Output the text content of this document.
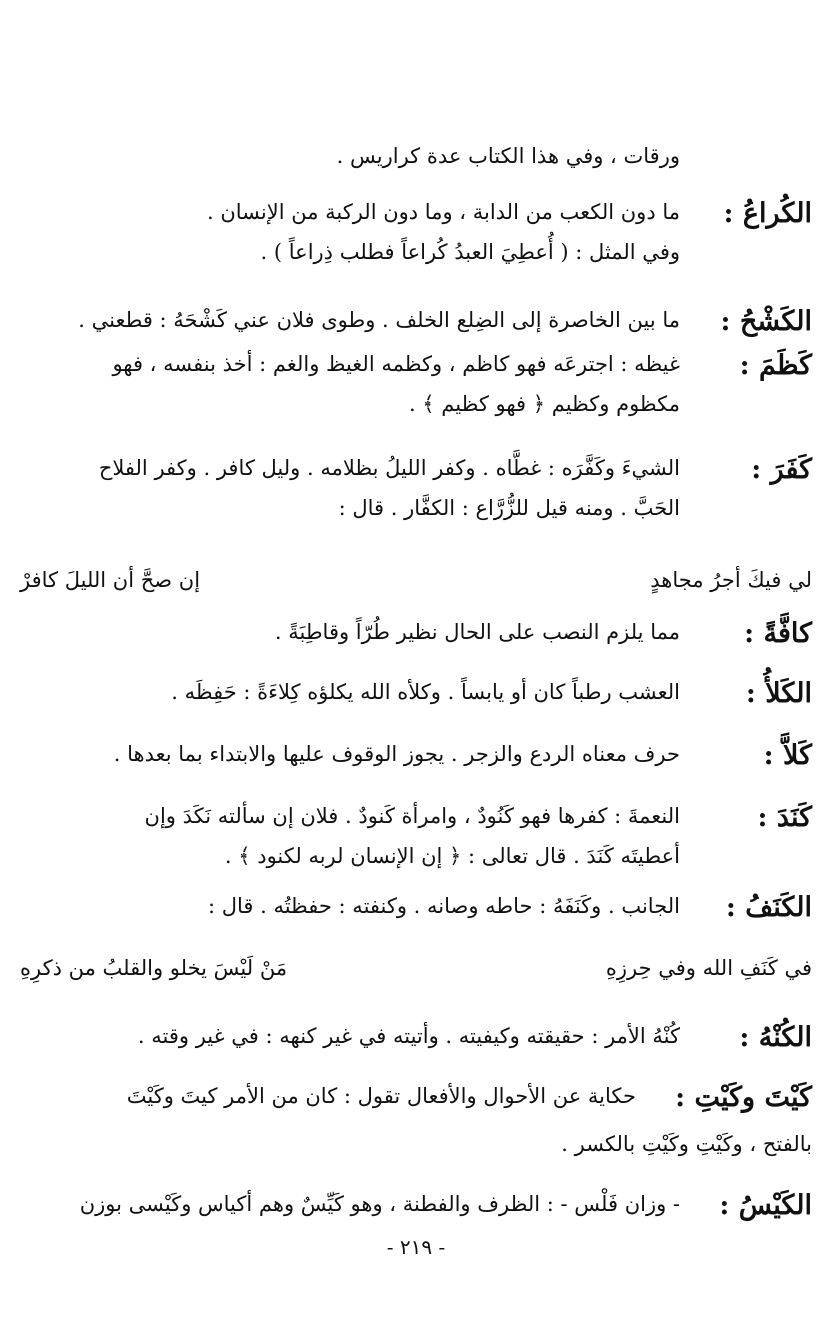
ورقات ، وفي هذا الكتاب عدة كراريس .
الكُراعُ :
ما دون الكعب من الدابة ، وما دون الركبة من الإنسان .
وفي المثل : ( أُعطِيَ العبدُ كُراعاً فطلب ذِراعاً ) .
الكَشْحُ :
ما بين الخاصرة إلى الضِلع الخلف . وطوى فلان عني كَشْحَهُ : قطعني .
كَظَمَ :
غيظه : اجترعَه فهو كاظم ، وكظمه الغيظ والغم : أخذ بنفسه ، فهو
مكظوم وكظيم ﴿ فهو كظيم ﴾ .
كَفَرَ :
الشيءَ وكَفَّرَه : غطَّاه . وكفر الليلُ بظلامه . وليل كافر . وكفر الفلاح
الحَبَّ . ومنه قيل للزُّرَّاع : الكفَّار . قال :
لي فيكَ أجرُ مجاهدٍ
إن صحَّ أن الليلَ كافرْ
كافَّةً :
مما يلزم النصب على الحال نظير طُرّاً وقاطِبَةً .
الكَلأُ :
العشب رطباً كان أو يابساً . وكلأه الله يكلؤه كِلاءَةً : حَفِظَه .
كَلاَّ :
حرف معناه الردع والزجر . يجوز الوقوف عليها والابتداء بما بعدها .
كَنَدَ :
النعمةَ : كفرها فهو كَنُودٌ ، وامرأة كَنودٌ . فلان إن سألته نَكَدَ وإن
أعطيتَه كَنَدَ . قال تعالى : ﴿ إن الإنسان لربه لكنود ﴾ .
الكَنَفُ :
الجانب . وكَنَفَهُ : حاطه وصانه . وكنفته : حفظتُه . قال :
في كَنَفِ الله وفي حِرزِهِ
مَنْ لَيْسَ يخلو والقلبُ من ذكرِهِ
الكُنْهُ :
كُنْهُ الأمر : حقيقته وكيفيته . وأتيته في غير كنهه : في غير وقته .
كَيْتَ وكَيْتِ :
حكاية عن الأحوال والأفعال تقول : كان من الأمر كيتَ وكَيْتَ
بالفتح ، وكَيْتِ وكَيْتِ بالكسر .
الكَيْسُ :
- وزان فَلْس - : الظرف والفطنة ، وهو كَيِّسٌ وهم أكياس وكَيْسى بوزن
- ٢١٩ -
